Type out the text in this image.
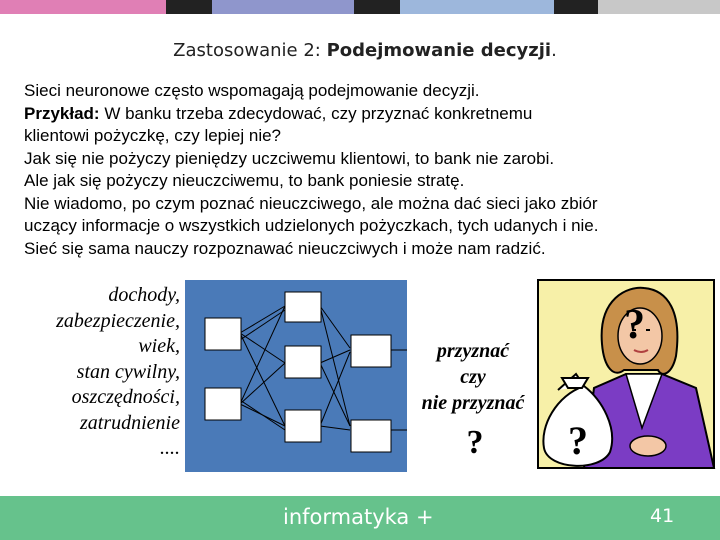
Zastosowanie 2: Podejmowanie decyzji.

Sieci neuronowe często wspomagają podejmowanie decyzji.

Przykład: W banku trzeba zdecydować, czy przyznać konkretnemu

klientowi pożyczkę, czy lepiej nie?

Jak się nie pożyczy pieniędzy uczciwemu klientowi, to bank nie zarobi.

Ale jak się pożyczy nieuczciwemu, to bank poniesie stratę.

Nie wiadomo, po czym poznać nieuczciwego, ale można dać sieci jako zbiór

uczący informacje o wszystkich udzielonych pożyczkach, tych udanych i nie.

Sieć się sama nauczy rozpoznawać nieuczciwych i może nam radzić.

dochody,
zabezpieczenie,
wiek,
stan cywilny,
oszczędności,
zatrudnienie
....
przyznać
czy
nie przyznać
?
?
?
informatyka +	41
